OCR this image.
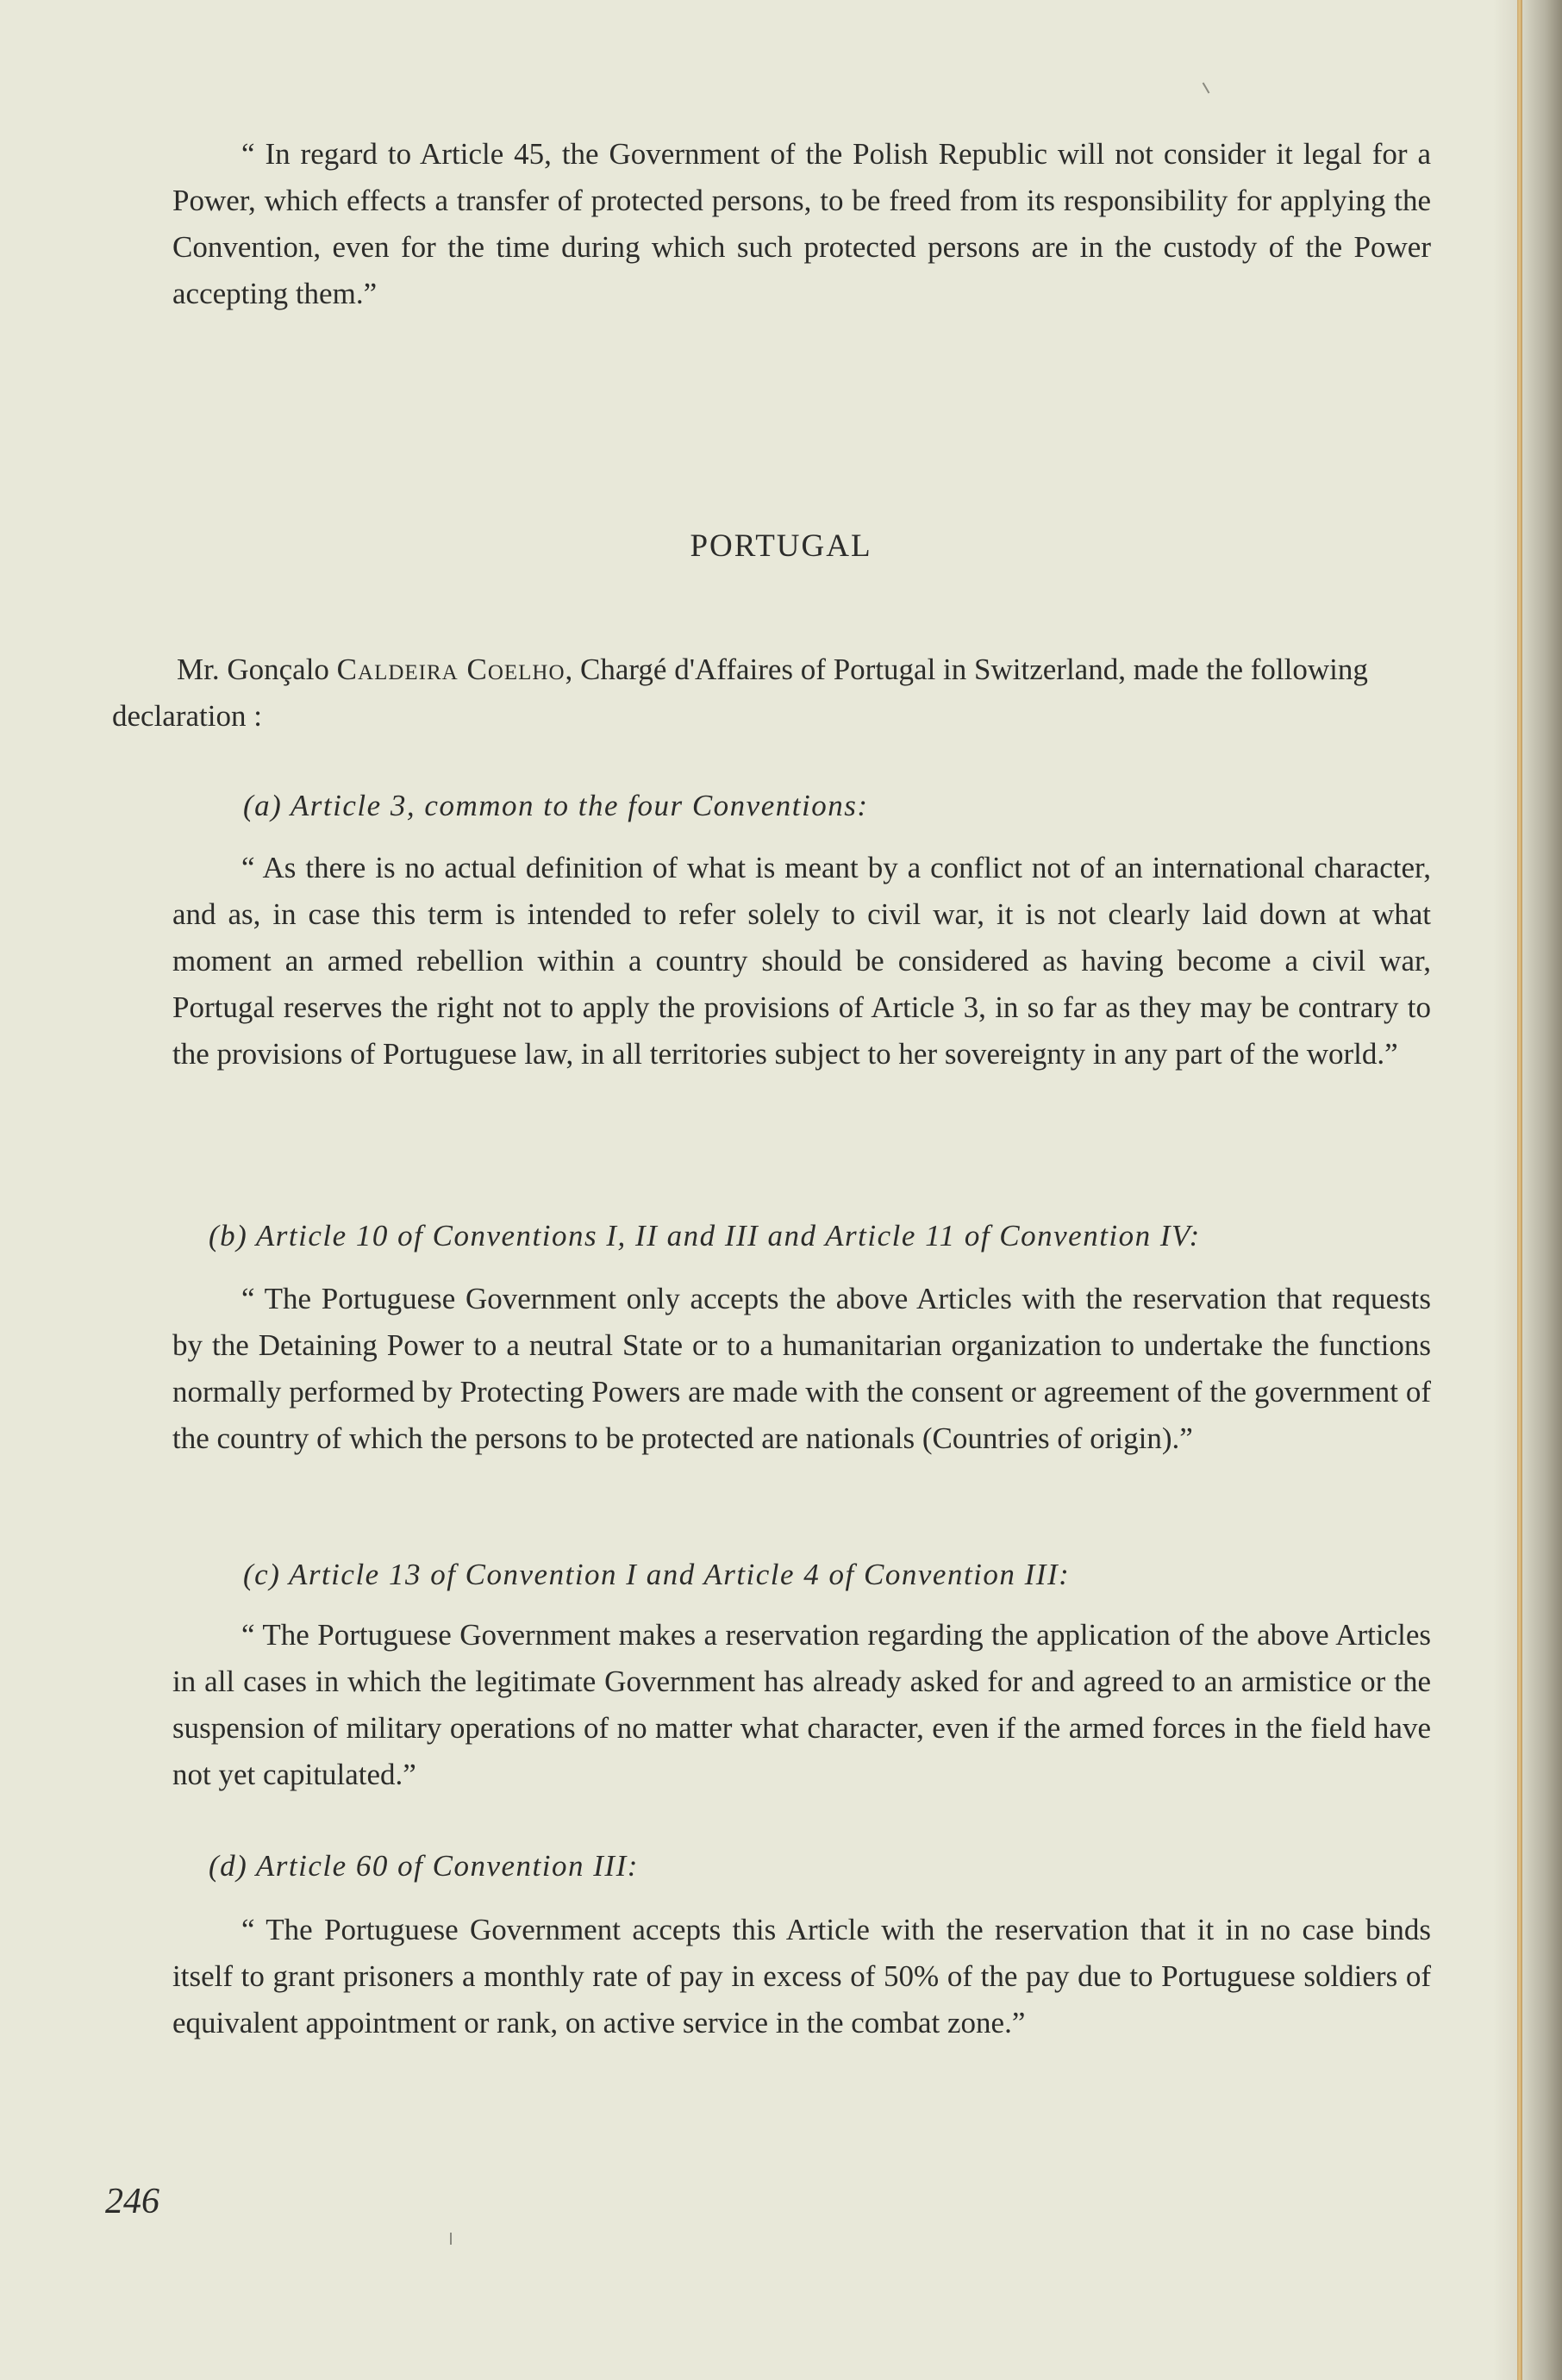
“ In regard to Article 45, the Government of the Polish Republic will not consider it legal for a Power, which effects a transfer of protected persons, to be freed from its responsibility for applying the Convention, even for the time during which such protected persons are in the custody of the Power accepting them.”

PORTUGAL
Mr. Gonçalo Caldeira Coelho, Chargé d'Affaires of Portugal in Switzerland, made the following declaration :
(a) Article 3, common to the four Conventions:

“ As there is no actual definition of what is meant by a conflict not of an international character, and as, in case this term is intended to refer solely to civil war, it is not clearly laid down at what moment an armed rebellion within a country should be considered as having become a civil war, Portugal reserves the right not to apply the provisions of Article 3, in so far as they may be contrary to the provisions of Portuguese law, in all territories subject to her sovereignty in any part of the world.”

(b) Article 10 of Conventions I, II and III and Article 11 of Convention IV:

“ The Portuguese Government only accepts the above Articles with the reservation that requests by the Detaining Power to a neutral State or to a humanitarian organization to undertake the functions normally performed by Protecting Powers are made with the consent or agreement of the government of the country of which the persons to be protected are nationals (Countries of origin).”

(c) Article 13 of Convention I and Article 4 of Convention III:

“ The Portuguese Government makes a reservation regarding the application of the above Articles in all cases in which the legitimate Government has already asked for and agreed to an armistice or the suspension of military operations of no matter what character, even if the armed forces in the field have not yet capitulated.”

(d) Article 60 of Convention III:

“ The Portuguese Government accepts this Article with the reservation that it in no case binds itself to grant prisoners a monthly rate of pay in excess of 50% of the pay due to Portuguese soldiers of equivalent appointment or rank, on active service in the combat zone.”

246
